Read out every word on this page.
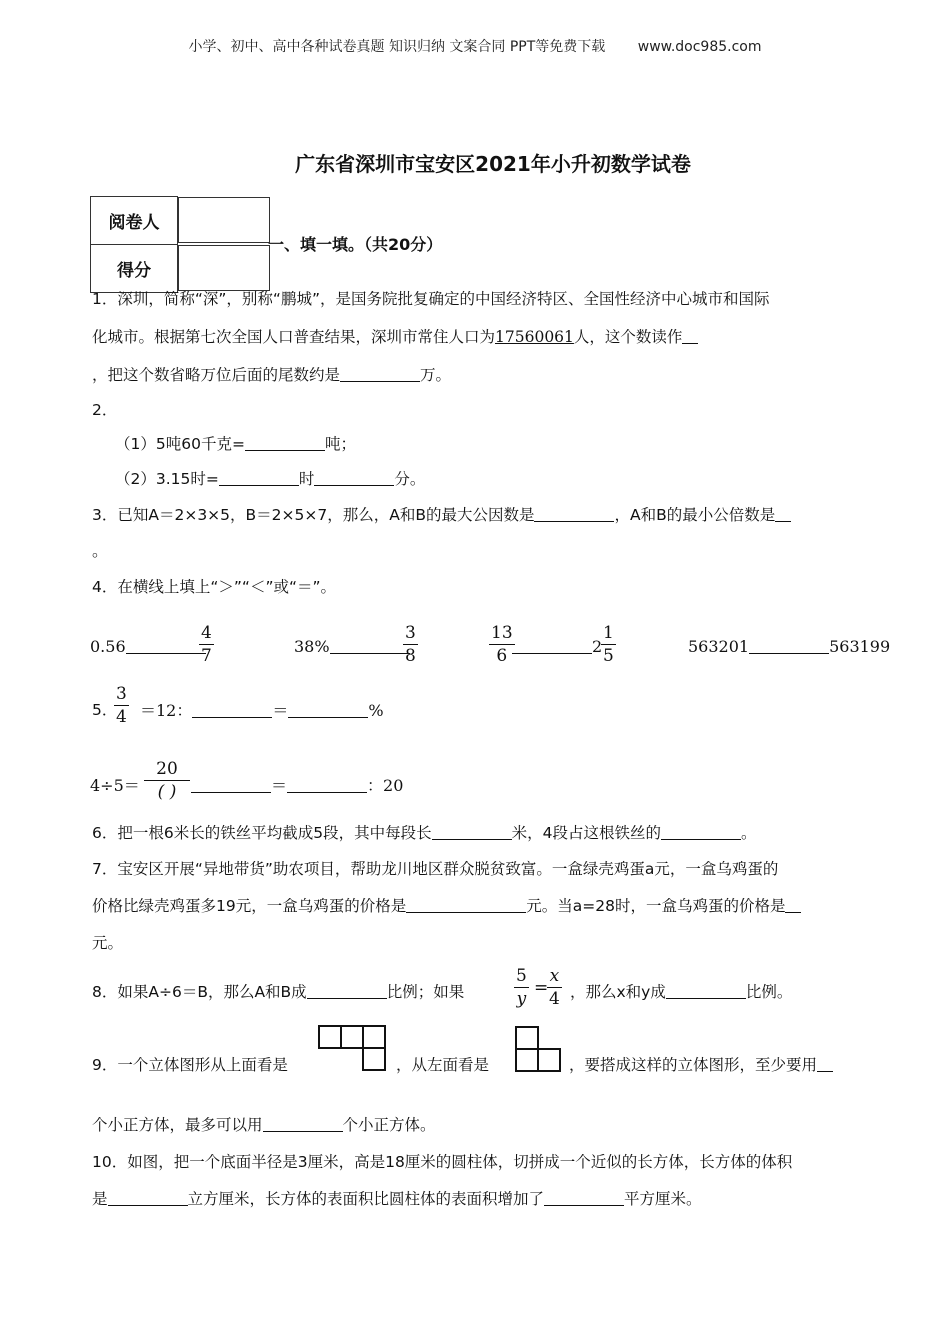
小学、初中、高中各种试卷真题 知识归纳 文案合同 PPT等免费下载 www.doc985.com
广东省深圳市宝安区2021年小升初数学试卷
阅卷人	
得分	
一、填一填。（共20分）
1．深圳，简称“深”，别称“鹏城”，是国务院批复确定的中国经济特区、全国性经济中心城市和国际
化城市。根据第七次全国人口普查结果，深圳市常住人口为17560061人，这个数读作
，把这个数省略万位后面的尾数约是	万。
2．
（1）5吨60千克=	吨；
（2）3.15时=	时	分。
3．已知A＝2×3×5，B＝2×5×7，那么，A和B的最大公因数是	，A和B的最小公倍数是
。
4．在横线上填上“＞”“＜”或“＝”。
0.56
4
7	38%
3
8
13
6	2
1
5	563201	563199
5．
3
4 ＝12：	＝	%
4÷5＝
20
( )	＝	：20
6．把一根6米长的铁丝平均截成5段，其中每段长	米，4段占这根铁丝的	。
7．宝安区开展“异地带货”助农项目，帮助龙川地区群众脱贫致富。一盒绿壳鸡蛋a元，一盒乌鸡蛋的
价格比绿壳鸡蛋多19元，一盒乌鸡蛋的价格是	元。当a=28时，一盒乌鸡蛋的价格是
元。
8．如果A÷6＝B，那么A和B成	比例；如果
5
y
=
x
4 ，那么x和y成	比例。
9．一个立体图形从上面看是	，从左面看是	，要搭成这样的立体图形，至少要用
个小正方体，最多可以用	个小正方体。
10．如图，把一个底面半径是3厘米，高是18厘米的圆柱体，切拼成一个近似的长方体，长方体的体积
是	立方厘米，长方体的表面积比圆柱体的表面积增加了	平方厘米。
